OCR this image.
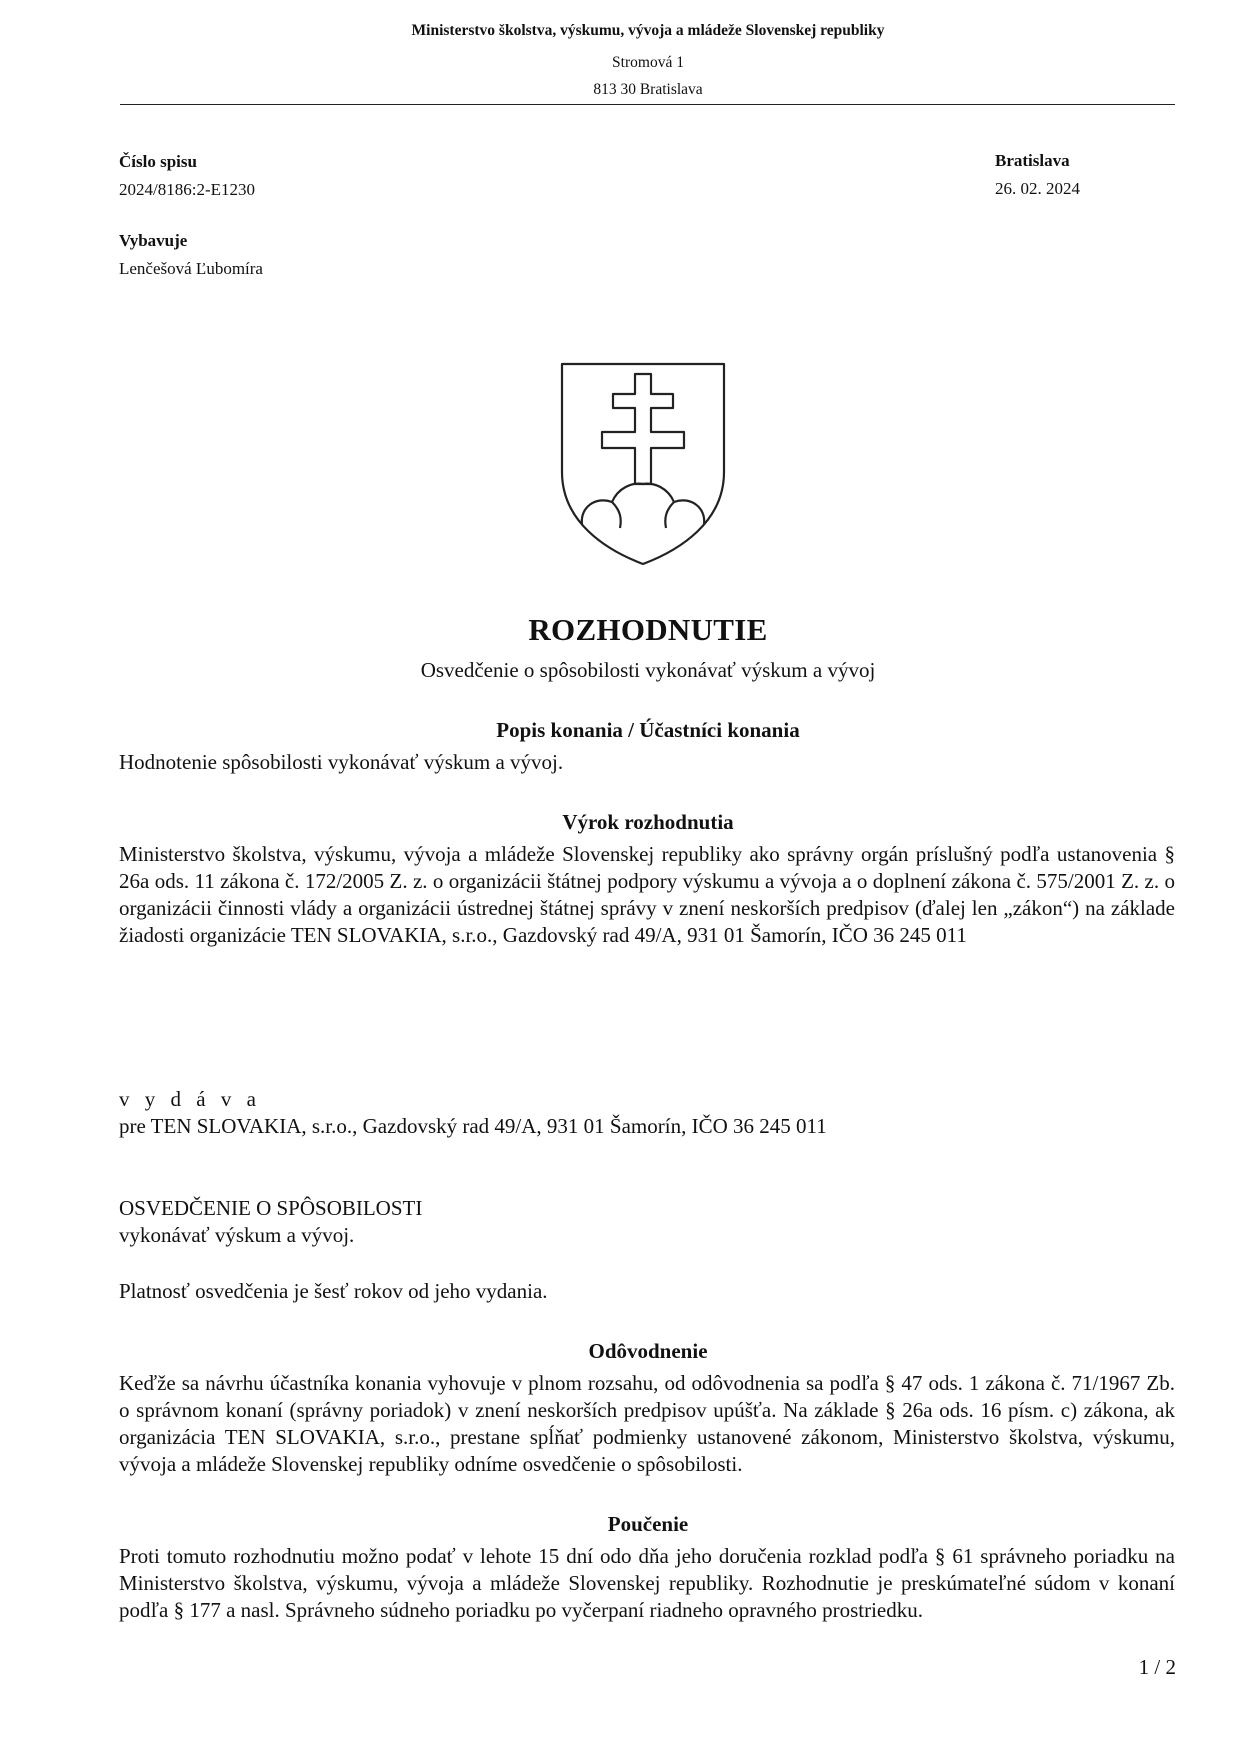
Ministerstvo školstva, výskumu, vývoja a mládeže Slovenskej republiky
Stromová 1
813 30 Bratislava
Číslo spisu
2024/8186:2-E1230
Vybavuje
Lenčešová Ľubomíra
Bratislava
26. 02. 2024
ROZHODNUTIE
Osvedčenie o spôsobilosti vykonávať výskum a vývoj
Popis konania / Účastníci konania
Hodnotenie spôsobilosti vykonávať výskum a vývoj.
Výrok rozhodnutia
Ministerstvo školstva, výskumu, vývoja a mládeže Slovenskej republiky ako správny orgán príslušný podľa ustanovenia § 26a ods. 11 zákona č. 172/2005 Z. z. o organizácii štátnej podpory výskumu a vývoja a o doplnení zákona č. 575/2001 Z. z. o organizácii činnosti vlády a organizácii ústrednej štátnej správy v znení neskorších predpisov (ďalej len „zákon“) na základe žiadosti organizácie TEN SLOVAKIA, s.r.o., Gazdovský rad 49/A, 931 01 Šamorín, IČO 36 245 011
v y d á v a
pre TEN SLOVAKIA, s.r.o., Gazdovský rad 49/A, 931 01 Šamorín, IČO 36 245 011
OSVEDČENIE O SPÔSOBILOSTI
vykonávať výskum a vývoj.
Platnosť osvedčenia je šesť rokov od jeho vydania.
Odôvodnenie
Keďže sa návrhu účastníka konania vyhovuje v plnom rozsahu, od odôvodnenia sa podľa § 47 ods. 1 zákona č. 71/1967 Zb. o správnom konaní (správny poriadok) v znení neskorších predpisov upúšťa. Na základe § 26a ods. 16 písm. c) zákona, ak organizácia TEN SLOVAKIA, s.r.o., prestane spĺňať podmienky ustanovené zákonom, Ministerstvo školstva, výskumu, vývoja a mládeže Slovenskej republiky odníme osvedčenie o spôsobilosti.
Poučenie
Proti tomuto rozhodnutiu možno podať v lehote 15 dní odo dňa jeho doručenia rozklad podľa § 61 správneho poriadku na Ministerstvo školstva, výskumu, vývoja a mládeže Slovenskej republiky. Rozhodnutie je preskúmateľné súdom v konaní podľa § 177 a nasl. Správneho súdneho poriadku po vyčerpaní riadneho opravného prostriedku.
1 / 2
